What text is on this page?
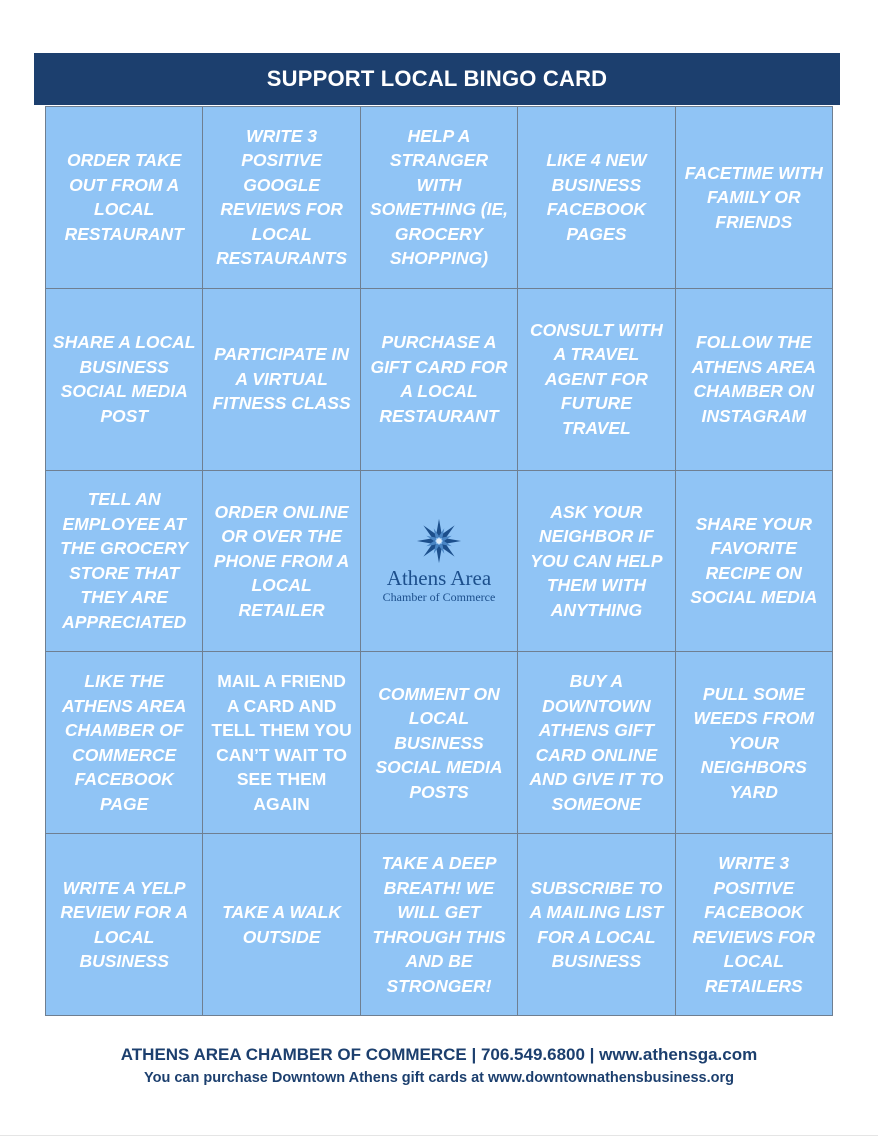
SUPPORT LOCAL BINGO CARD
ORDER TAKE OUT FROM A LOCAL RESTAURANT
WRITE 3 POSITIVE GOOGLE REVIEWS FOR LOCAL RESTAURANTS
HELP A STRANGER WITH SOMETHING (IE, GROCERY SHOPPING)
LIKE 4 NEW BUSINESS FACEBOOK PAGES
FACETIME WITH FAMILY OR FRIENDS
SHARE A LOCAL BUSINESS SOCIAL MEDIA POST
PARTICIPATE IN A VIRTUAL FITNESS CLASS
PURCHASE A GIFT CARD FOR A LOCAL RESTAURANT
CONSULT WITH A TRAVEL AGENT FOR FUTURE TRAVEL
FOLLOW THE ATHENS AREA CHAMBER ON INSTAGRAM
TELL AN EMPLOYEE AT THE GROCERY STORE THAT THEY ARE APPRECIATED
ORDER ONLINE OR OVER THE PHONE FROM A LOCAL RETAILER
Athens Area
Chamber of Commerce
ASK YOUR NEIGHBOR IF YOU CAN HELP THEM WITH ANYTHING
SHARE YOUR FAVORITE RECIPE ON SOCIAL MEDIA
LIKE THE ATHENS AREA CHAMBER OF COMMERCE FACEBOOK PAGE
MAIL A FRIEND A CARD AND TELL THEM YOU CAN’T WAIT TO SEE THEM AGAIN
COMMENT ON LOCAL BUSINESS SOCIAL MEDIA POSTS
BUY A DOWNTOWN ATHENS GIFT CARD ONLINE AND GIVE IT TO SOMEONE
PULL SOME WEEDS FROM YOUR NEIGHBORS YARD
WRITE A YELP REVIEW FOR A LOCAL BUSINESS
TAKE A WALK OUTSIDE
TAKE A DEEP BREATH! WE WILL GET THROUGH THIS AND BE STRONGER!
SUBSCRIBE TO A MAILING LIST FOR A LOCAL BUSINESS
WRITE 3 POSITIVE FACEBOOK REVIEWS FOR LOCAL RETAILERS
ATHENS AREA CHAMBER OF COMMERCE | 706.549.6800 | www.athensga.com
You can purchase Downtown Athens gift cards at www.downtownathensbusiness.org
